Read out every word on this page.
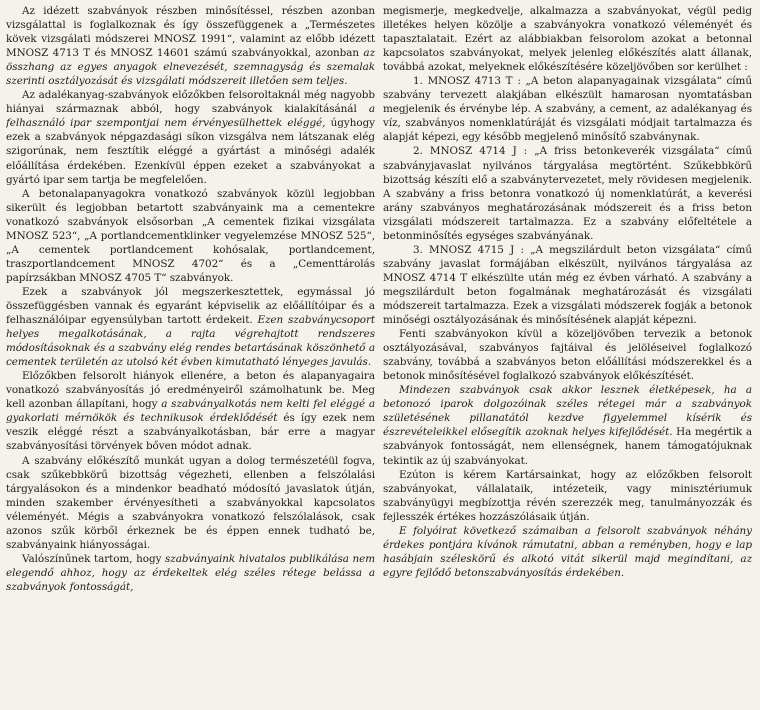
Az idézett szabványok részben minősítéssel, részben azonban vizsgálattal is foglalkoznak és így összefüggenek a „Természetes kövek vizsgálati módszerei MNOSZ 1991“, valamint az előbb idézett MNOSZ 4713 T és MNOSZ 14601 számú szabványokkal, azonban az összhang az egyes anyagok elnevezését, szemnagyság és szemalak szerinti osztályozását és vizsgálati módszereit illetően sem teljes.

Az adalékanyag-szabványok előzőkben felsoroltaknál még nagyobb hiányai származnak abból, hogy szabványok kialakításánál a felhasználó ipar szempontjai nem érvényesülhettek eléggé, úgyhogy ezek a szabványok népgazdasági síkon vizsgálva nem látszanak elég szigorúnak, nem fesztítik eléggé a gyártást a minőségi adalék előállítása érdekében. Ezenkívül éppen ezeket a szabványokat a gyártó ipar sem tartja be megfelelően.

A betonalapanyagokra vonatkozó szabványok közül legjobban sikerült és legjobban betartott szabványaink ma a cementekre vonatkozó szabványok elsősorban „A cementek fizikai vizsgálata MNOSZ 523“, „A portlandcementklinker vegyelemzése MNOSZ 525“, „A cementek portlandcement kohósalak, portlandcement, traszportlandcement MNOSZ 4702“ és a „Cementtárolás papírzsákban MNOSZ 4705 T“ szabványok.

Ezek a szabványok jól megszerkesztettek, egymással jó összefüggésben vannak és egyaránt képviselik az előállítóipar és a felhasználóipar egyensúlyban tartott érdekeit. Ezen szabványcsoport helyes megalkotásának, a rajta végrehajtott rendszeres módosításoknak és a szabvány elég rendes betartásának köszönhető a cementek területén az utolsó két évben kimutatható lényeges javulás.

Előzőkben felsorolt hiányok ellenére, a beton és alapanyagaira vonatkozó szabványosítás jó eredményeiről számolhatunk be. Meg kell azonban állapítani, hogy a szabványalkotás nem kelti fel eléggé a gyakorlati mérnökök és technikusok érdeklődését és így ezek nem veszik eléggé részt a szabványalkotásban, bár erre a magyar szabványosítási törvények bőven módot adnak.

A szabvány előkészítő munkát ugyan a dolog természetéül fogva, csak szűkebbkörű bizottság végezheti, ellenben a felszólalási tárgyalásokon és a mindenkor beadható módosító javaslatok útján, minden szakember érvényesítheti a szabványokkal kapcsolatos véleményét. Mégis a szabványokra vonatkozó felszólalások, csak azonos szűk körből érkeznek be és éppen ennek tudható be, szabványaink hiányosságai.

Valószínűnek tartom, hogy szabványaink hivatalos publikálása nem elegendő ahhoz, hogy az érdekeltek elég széles rétege belássa a szabványok fontosságát,

megismerje, megkedvelje, alkalmazza a szabványokat, végül pedig illetékes helyen közölje a szabványokra vonatkozó véleményét és tapasztalatait. Ezért az alábbiakban felsorolom azokat a betonnal kapcsolatos szabványokat, melyek jelenleg előkészítés alatt állanak, továbbá azokat, melyeknek előkészítésére közeljövőben sor kerülhet :

1. MNOSZ 4713 T : „A beton alapanyagainak vizsgálata“ című szabvány tervezett alakjában elkészült hamarosan nyomtatásban megjelenik és érvénybe lép. A szabvány, a cement, az adalékanyag és víz, szabványos nomenklatúráját és vizsgálati módjait tartalmazza és alapját képezi, egy később megjelenő minősítő szabványnak.

2. MNOSZ 4714 J : „A friss betonkeverék vizsgálata“ című szabványjavaslat nyilvános tárgyalása megtörtént. Szűkebbkörű bizottság készíti elő a szabványtervezetet, mely rövidesen megjelenik. A szabvány a friss betonra vonatkozó új nomenklatúrát, a keverési arány szabványos meghatározásának módszereit és a friss beton vizsgálati módszereit tartalmazza. Ez a szabvány előfeltétele a betonminősítés egységes szabványának.

3. MNOSZ 4715 J : „A megszilárdult beton vizsgálata“ című szabvány javaslat formájában elkészült, nyilvános tárgyalása az MNOSZ 4714 T elkészülte után még ez évben várható. A szabvány a megszilárdult beton fogalmának meghatározását és vizsgálati módszereit tartalmazza. Ezek a vizsgálati módszerek fogják a betonok minőségi osztályozásának és minősítésének alapját képezni.

Fenti szabványokon kívül a közeljövőben tervezik a betonok osztályozásával, szabványos fajtáival és jelöléseivel foglalkozó szabvány, továbbá a szabványos beton előállítási módszerekkel és a betonok minősítésével foglalkozó szabványok előkészítését.

Mindezen szabványok csak akkor lesznek életképesek, ha a betonozó iparok dolgozóinak széles rétegei már a szabványok születésének pillanatától kezdve figyelemmel kísérik és észrevételeikkel elősegítik azoknak helyes kifejlődését. Ha megértik a szabványok fontosságát, nem ellenségnek, hanem támogatójuknak tekintik az új szabványokat.

Ezúton is kérem Kartársainkat, hogy az előzőkben felsorolt szabványokat, vállalataik, intézeteik, vagy minisztériumuk szabványügyi megbízottja révén szerezzék meg, tanulmányozzák és fejlesszék értékes hozzászólásaik útján.

E folyóirat következő számaiban a felsorolt szabványok néhány érdekes pontjára kívánok rámutatni, abban a reményben, hogy e lap hasábjain széleskörű és alkotó vitát sikerül majd megindítani, az egyre fejlődő betonszabványosítás érdekében.
